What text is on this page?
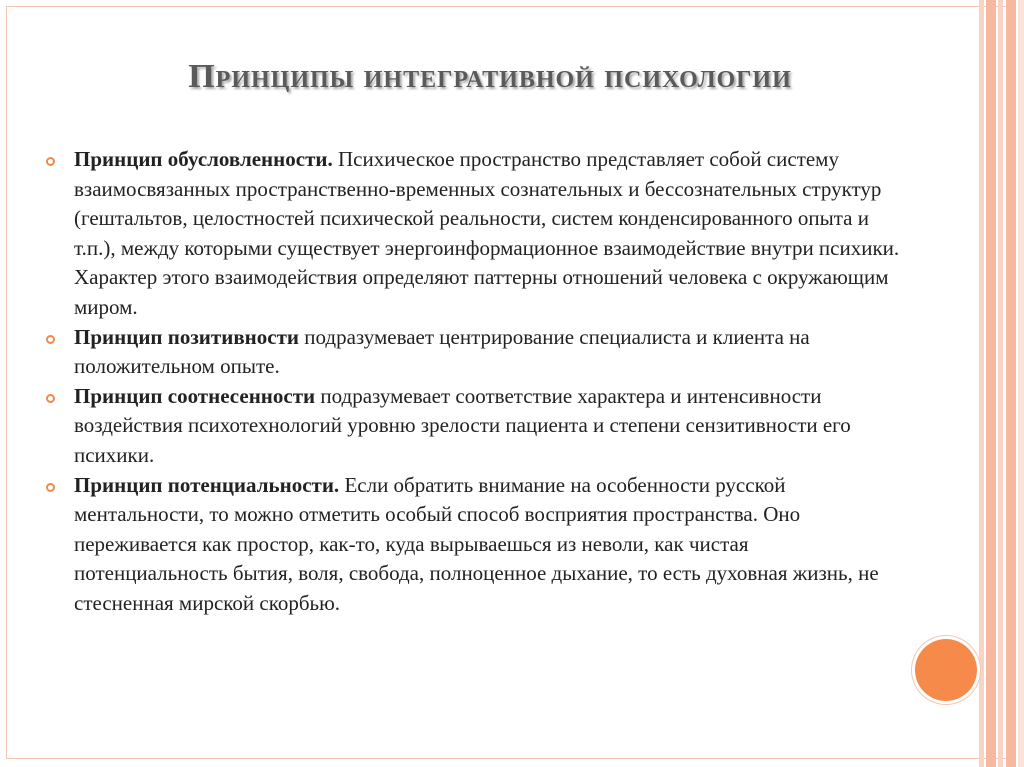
Принципы интегративной психологии

Принцип обусловленности. Психическое пространство представляет собой систему взаимосвязанных пространственно-временных сознательных и бессознательных структур (гештальтов, целостностей психической реальности, систем конденсированного опыта и т.п.), между которыми существует энергоинформационное взаимодействие внутри психики. Характер этого взаимодействия определяют паттерны отношений человека с окружающим миром.

Принцип позитивности подразумевает центрирование специалиста и клиента на положительном опыте.

Принцип соотнесенности подразумевает соответствие характера и интенсивности воздействия психотехнологий уровню зрелости пациента и степени сензитивности его психики.

Принцип потенциальности. Если обратить внимание на особенности русской ментальности, то можно отметить особый способ восприятия пространства. Оно переживается как простор, как-то, куда вырываешься из неволи, как чистая потенциальность бытия, воля, свобода, полноценное дыхание, то есть духовная жизнь, не стесненная мирской скорбью.
